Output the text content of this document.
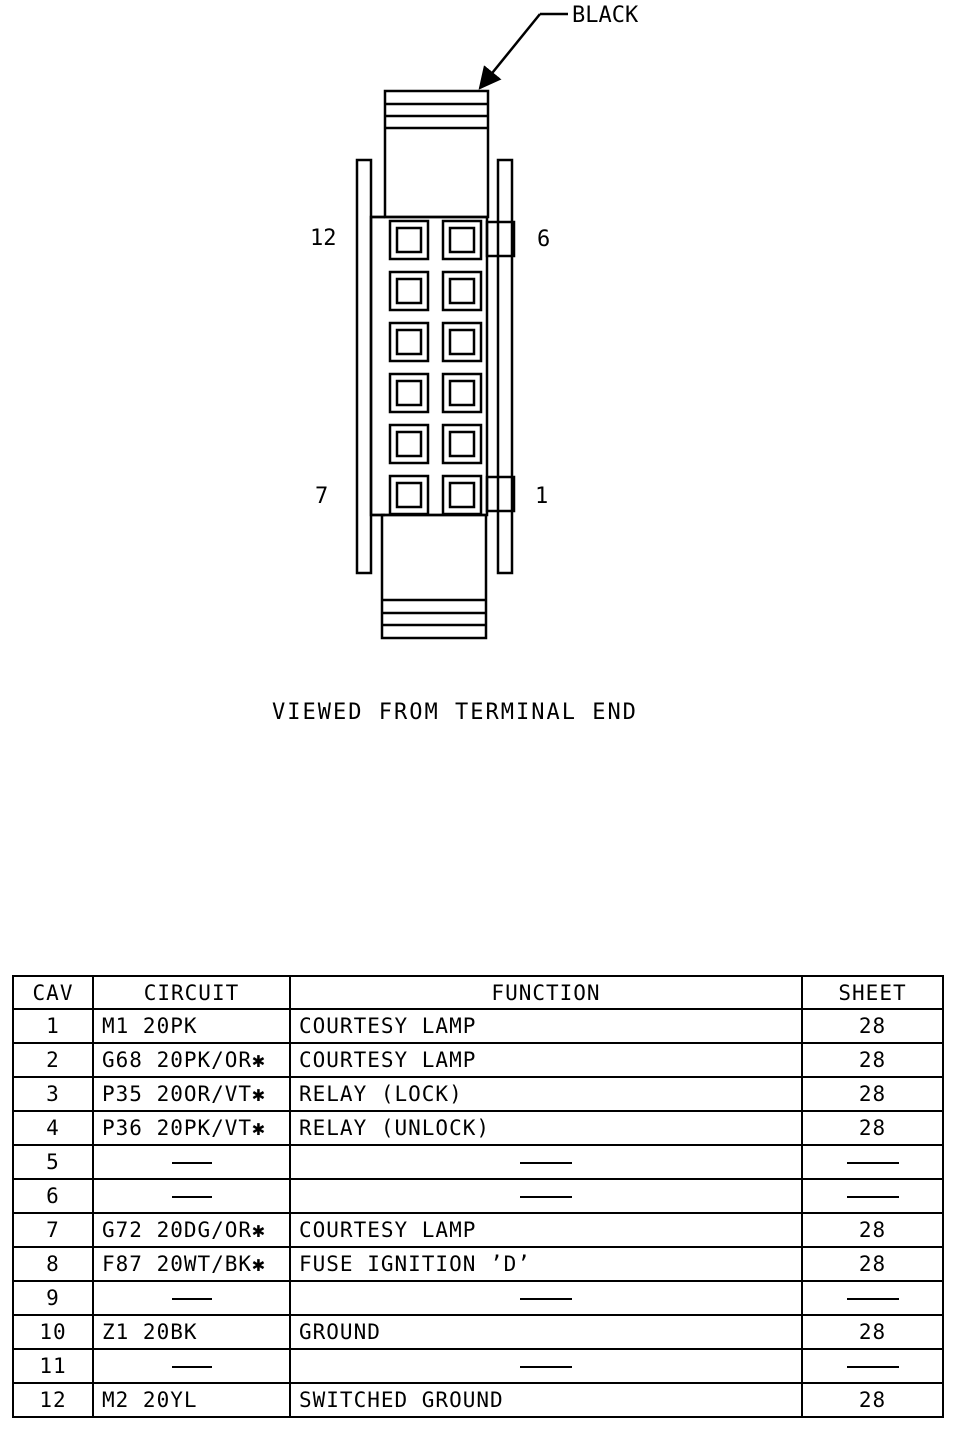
BLACK
12	6
7	1
VIEWED FROM TERMINAL END
CAV	CIRCUIT	FUNCTION	SHEET
1	M1 20PK	COURTESY LAMP	28
2	G68 20PK/OR✱	COURTESY LAMP	28
3	P35 20OR/VT✱	RELAY (LOCK)	28
4	P36 20PK/VT✱	RELAY (UNLOCK)	28
5			
6			
7	G72 20DG/OR✱	COURTESY LAMP	28
8	F87 20WT/BK✱	FUSE IGNITION ’D’	28
9			
10	Z1 20BK	GROUND	28
11			
12	M2 20YL	SWITCHED GROUND	28
